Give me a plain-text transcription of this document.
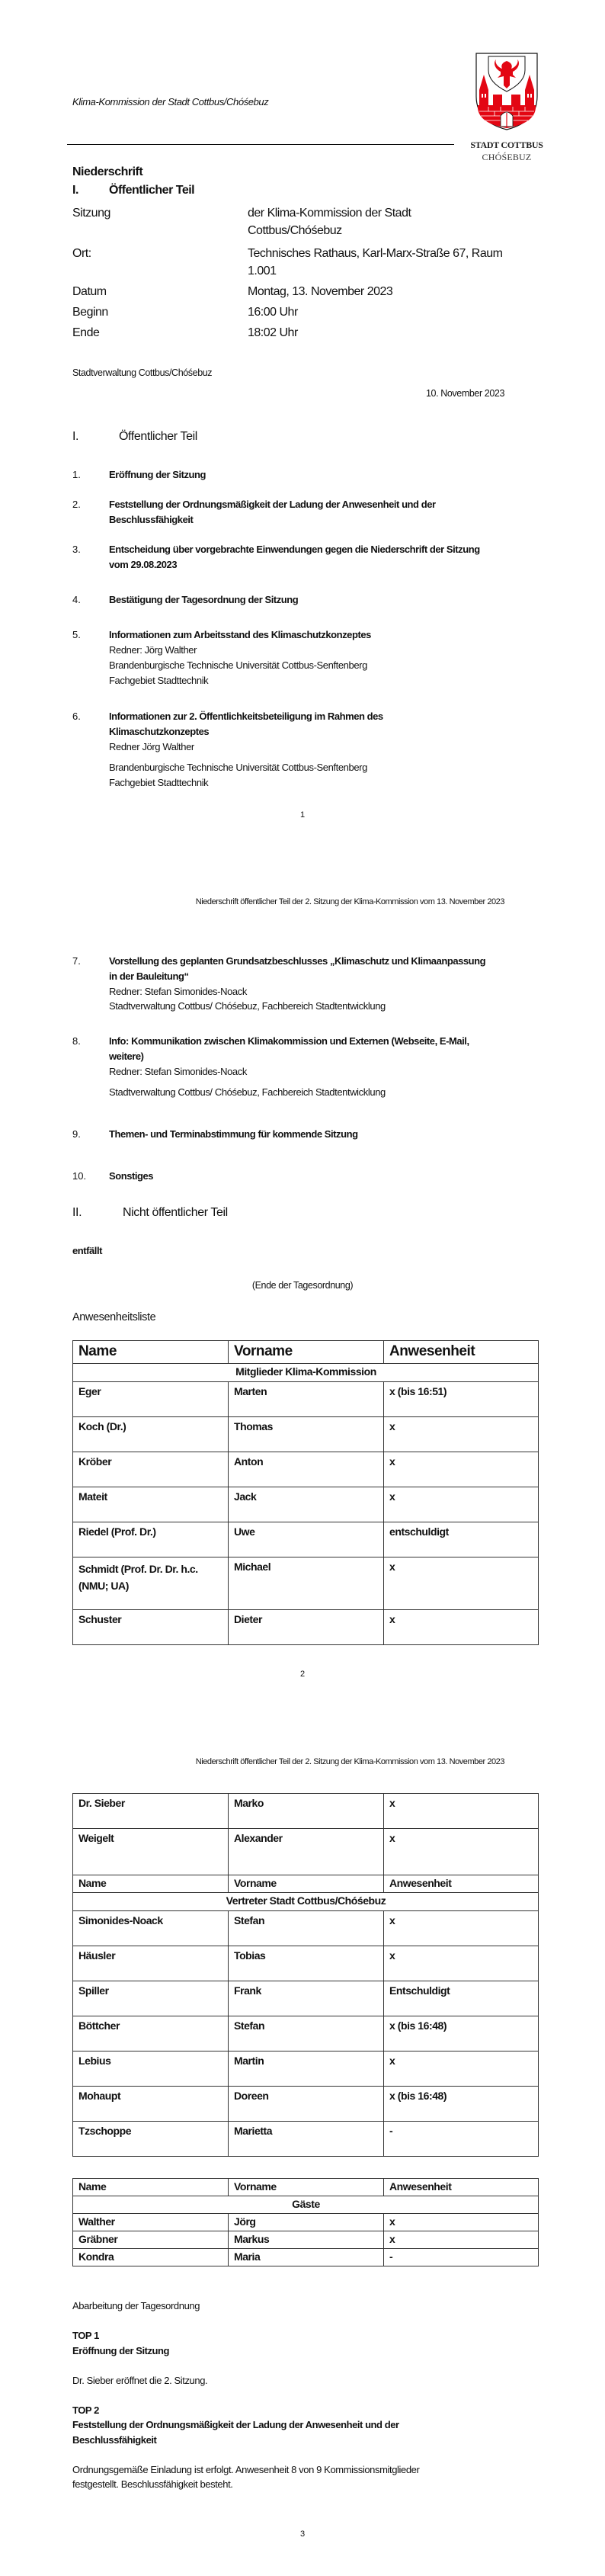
Klima-Kommission der Stadt Cottbus/Chóśebuz
STADT COTTBUS
CHÓŚEBUZ
Niederschrift
I.	Öffentlicher Teil
Sitzung	der Klima-Kommission der Stadt
Cottbus/Chóśebuz
Ort:	Technisches Rathaus, Karl-Marx-Straße 67, Raum
1.001
Datum	Montag, 13. November 2023
Beginn	16:00 Uhr
Ende	18:02 Uhr
Stadtverwaltung Cottbus/Chóśebuz
10. November 2023
I.	Öffentlicher Teil
1.	Eröffnung der Sitzung
2.	Feststellung der Ordnungsmäßigkeit der Ladung der Anwesenheit und der
Beschlussfähigkeit
3.	Entscheidung über vorgebrachte Einwendungen gegen die Niederschrift der Sitzung
vom 29.08.2023
4.	Bestätigung der Tagesordnung der Sitzung
5.	Informationen zum Arbeitsstand des Klimaschutzkonzeptes
Redner: Jörg Walther
Brandenburgische Technische Universität Cottbus-Senftenberg
Fachgebiet Stadttechnik
6.	Informationen zur 2. Öffentlichkeitsbeteiligung im Rahmen des
Klimaschutzkonzeptes
Redner Jörg Walther
Brandenburgische Technische Universität Cottbus-Senftenberg
Fachgebiet Stadttechnik
1
Niederschrift öffentlicher Teil der 2. Sitzung der Klima-Kommission vom 13. November 2023
7.	Vorstellung des geplanten Grundsatzbeschlusses „Klimaschutz und Klimaanpassung
in der Bauleitung“
Redner: Stefan Simonides-Noack
Stadtverwaltung Cottbus/ Chóśebuz, Fachbereich Stadtentwicklung
8.	Info: Kommunikation zwischen Klimakommission und Externen (Webseite, E-Mail,
weitere)
Redner: Stefan Simonides-Noack
Stadtverwaltung Cottbus/ Chóśebuz, Fachbereich Stadtentwicklung
9.	Themen- und Terminabstimmung für kommende Sitzung
10. Sonstiges
II.	Nicht öffentlicher Teil
entfällt
(Ende der Tagesordnung)
Anwesenheitsliste
Name	Vorname	Anwesenheit
Mitglieder Klima-Kommission		
Eger	Marten	x (bis 16:51)
Koch (Dr.)	Thomas	x
Kröber	Anton	x
Mateit	Jack	x
Riedel (Prof. Dr.)	Uwe	entschuldigt
Schmidt (Prof. Dr. Dr. h.c. (NMU; UA)	Michael	x
Schuster	Dieter	x
2
Niederschrift öffentlicher Teil der 2. Sitzung der Klima-Kommission vom 13. November 2023
Dr. Sieber	Marko	x
Weigelt	Alexander	x
Name	Vorname	Anwesenheit
Vertreter Stadt Cottbus/Chóśebuz		
Simonides-Noack	Stefan	x
Häusler	Tobias	x
Spiller	Frank	Entschuldigt
Böttcher	Stefan	x (bis 16:48)
Lebius	Martin	x
Mohaupt	Doreen	x (bis 16:48)
Tzschoppe	Marietta	-
Name	Vorname	Anwesenheit
Gäste		
Walther	Jörg	x
Gräbner	Markus	x
Kondra	Maria	-
Abarbeitung der Tagesordnung
TOP 1
Eröffnung der Sitzung
Dr. Sieber eröffnet die 2. Sitzung.
TOP 2
Feststellung der Ordnungsmäßigkeit der Ladung der Anwesenheit und der
Beschlussfähigkeit
Ordnungsgemäße Einladung ist erfolgt. Anwesenheit 8 von 9 Kommissionsmitglieder
festgestellt. Beschlussfähigkeit besteht.
3
